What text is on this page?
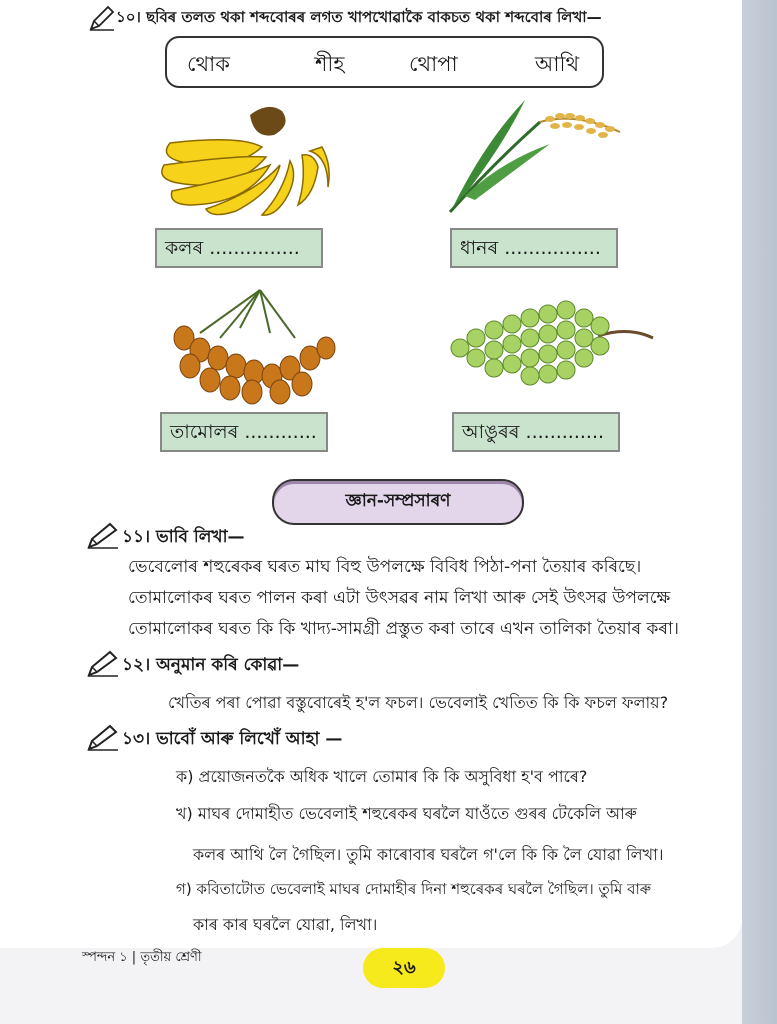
১০। ছবিৰ তলত থকা শব্দবোৰৰ লগত খাপখোৱাকৈ বাকচত থকা শব্দবোৰ লিখা—
থোক	শীহ	থোপা	আথি
কলৰ ...............	ধানৰ ................
তামোলৰ ............	আঙুৰৰ .............
জ্ঞান-সম্প্রসাৰণ
১১। ভাবি লিখা—
ভেবেলোৰ শহুৰেকৰ ঘৰত মাঘ বিহু উপলক্ষে বিবিধ পিঠা-পনা তৈয়াৰ কৰিছে।
তোমালোকৰ ঘৰত পালন কৰা এটা উৎসৱৰ নাম লিখা আৰু সেই উৎসৱ উপলক্ষে
তোমালোকৰ ঘৰত কি কি খাদ্য-সামগ্ৰী প্ৰস্তুত কৰা তাৰে এখন তালিকা তৈয়াৰ কৰা।
১২। অনুমান কৰি কোৱা—
খেতিৰ পৰা পোৱা বস্তুবোৰেই হ'ল ফচল। ভেবেলাই খেতিত কি কি ফচল ফলায়?
১৩। ভাবোঁ আৰু লিখোঁ আহা —
ক) প্ৰয়োজনতকৈ অধিক খালে তোমাৰ কি কি অসুবিধা হ'ব পাৰে?
খ) মাঘৰ দোমাহীত ভেবেলাই শহুৰেকৰ ঘৰলৈ যাওঁতে গুৰৰ টেকেলি আৰু
কলৰ আথি লৈ গৈছিল। তুমি কাৰোবাৰ ঘৰলৈ গ'লে কি কি লৈ যোৱা লিখা।
গ) কবিতাটোত ভেবেলাই মাঘৰ দোমাহীৰ দিনা শহুৰেকৰ ঘৰলৈ গৈছিল। তুমি বাৰু
কাৰ কাৰ ঘৰলৈ যোৱা, লিখা।
স্পন্দন ১ | তৃতীয় শ্ৰেণী	২৬
